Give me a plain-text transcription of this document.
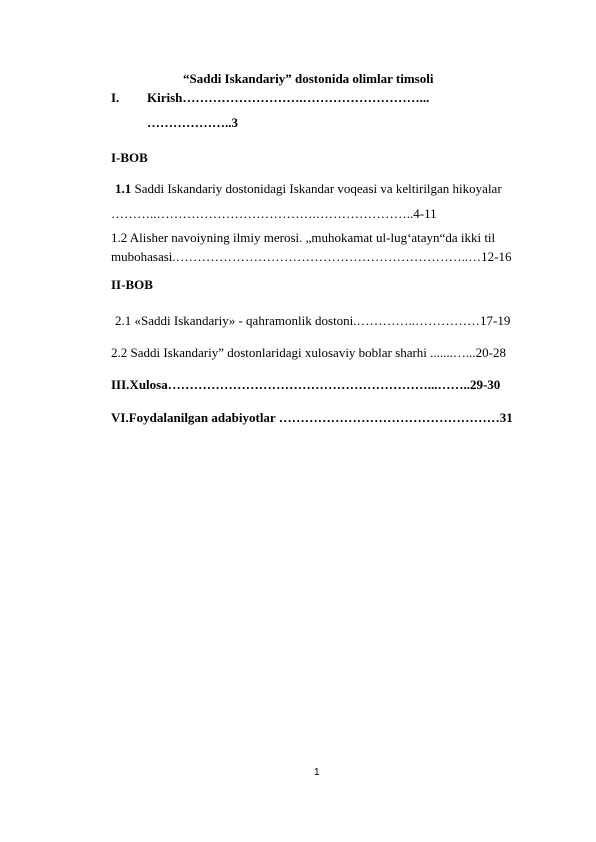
“Saddi Iskandariy” dostonida olimlar timsoli
I. Kirish……………………….………………………...
………………..3
I-BOB
1.1 Saddi Iskandariy dostonidagi Iskandar voqeasi va keltirilgan hikoyalar
………..……………………………….…………………..4-11
1.2 Alisher navoiyning ilmiy merosi. „muhokamat ul-lug‘atayn“da ikki til
mubohasasi.…………………………………………………………..…12-16
II-BOB
2.1 «Saddi Iskandariy» - qahramonlik dostoni.…………..……………17-19
2.2 Saddi Iskandariy” dostonlaridagi xulosaviy boblar sharhi .......…...20-28
III.Xulosa……………………………………………………...……..29-30
VI.Foydalanilgan adabiyotlar ……………………………………………31
1
